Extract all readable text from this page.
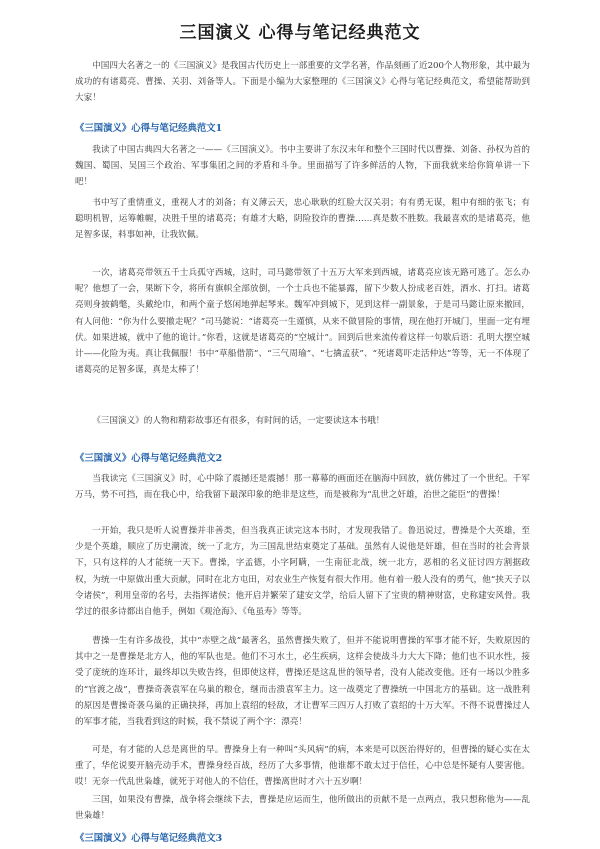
三国演义 心得与笔记经典范文

中国四大名著之一的《三国演义》是我国古代历史上一部重要的文学名著，作品刻画了近200个人物形象，其中最为成功的有诸葛亮、曹操、关羽、刘备等人。下面是小编为大家整理的《三国演义》心得与笔记经典范文，希望能帮助到大家！

《三国演义》心得与笔记经典范文1

我读了中国古典四大名著之一——《三国演义》。书中主要讲了东汉末年和整个三国时代以曹操、刘备、孙权为首的魏国、蜀国、吴国三个政治、军事集团之间的矛盾和斗争。里面描写了许多鲜活的人物，下面我就来给你简单讲一下吧！

书中写了重情重义，重视人才的刘备；有义薄云天，忠心耿耿的红脸大汉关羽；有有勇无谋，粗中有细的张飞；有聪明机智，运筹帷幄，决胜千里的诸葛亮；有雄才大略，阴险狡诈的曹操……真是数不胜数。我最喜欢的是诸葛亮，他足智多谋，料事如神，让我钦佩。

一次，诸葛亮带领五千士兵孤守西城，这时，司马懿带领了十五万大军来到西城，诸葛亮应该无路可逃了。怎么办呢？他想了一会，果断下令，将所有旗帜全部放倒，一个士兵也不能暴露，留下少数人扮成老百姓，洒水、打扫。诸葛亮则身披鹤氅，头戴纶巾，和两个童子悠闲地弹起琴来。魏军冲到城下，见到这样一副景象，于是司马懿让原来撤回，有人问他：“你为什么要撤走呢？”司马懿说：“诸葛亮一生谨慎，从来不做冒险的事情，现在他打开城门，里面一定有埋伏。如果进城，就中了他的诡计。”你看，这就是诸葛亮的“空城计”。回到后世来流传着这样一句歇后语：孔明大摆空城计——化险为夷。真让我佩服！书中“草船借箭”、“三气周瑜”、“七擒孟获”、“死诸葛吓走活仲达”等等，无一不体现了诸葛亮的足智多谋，真是太棒了！

《三国演义》的人物和精彩故事还有很多，有时间的话，一定要读这本书哦！

《三国演义》心得与笔记经典范文2

当我读完《三国演义》时，心中除了震撼还是震撼！那一幕幕的画面还在脑海中回放，就仿佛过了一个世纪。千军万马，势不可挡，而在我心中，给我留下最深印象的绝非是这些，而是被称为“乱世之奸雄，治世之能臣”的曹操！

一开始，我只是听人说曹操并非善类，但当我真正读完这本书时，才发现我错了。鲁迅说过，曹操是个大英雄，至少是个英雄，顺应了历史潮流，统一了北方，为三国乱世结束奠定了基础。虽然有人说他是奸雄，但在当时的社会背景下，只有这样的人才能统一天下。曹操，字孟德，小字阿瞒，一生南征北战，统一北方，恶相的名义征讨四方割据政权，为统一中原做出重大贡献，同时在北方屯田，对农业生产恢复有很大作用。他有着一般人没有的勇气，他“挟天子以令诸侯”，利用皇帝的名号，去指挥诸侯；他开启并繁荣了建安文学，给后人留下了宝贵的精神财富，史称建安风骨。我学过的很多诗都出自他手，例如《观沧海》、《龟虽寿》等等。

曹操一生有许多战役，其中“赤壁之战”最著名，虽然曹操失败了，但并不能说明曹操的军事才能不好，失败原因的其中之一是曹操是北方人，他的军队也是。他们不习水土，必生疾病，这样会使战斗力大大下降；他们也不识水性，接受了庞统的连环计，最终却以失败告终，但即使这样，曹操还是这乱世的领导者，没有人能改变他。还有一场以少胜多的“官渡之战”，曹操奇袭袁军在乌巢的粮仓，继而击溃袁军主力。这一战奠定了曹操统一中国北方的基础。这一战胜利的原因是曹操奇袭乌巢的正确抉择，再加上袁绍的轻敌，才让曹军三四万人打败了袁绍的十万大军。不得不说曹操过人的军事才能，当我看到这的时候，我不禁说了两个字：漂亮！

可是，有才能的人总是离世的早。曹操身上有一种叫“头风病”的病，本来是可以医治得好的，但曹操的疑心实在太重了，华佗说要开脑壳动手术，曹操身经百战，经历了大多事情，他谁都不敢太过于信任，心中总是怀疑有人要害他。哎！无奈一代乱世枭雄，就死于对他人的不信任，曹操离世时才六十五岁啊！

三国，如果没有曹操，战争将会继续下去，曹操是应运而生，他所做出的贡献不是一点两点，我只想称他为——乱世枭雄！

《三国演义》心得与笔记经典范文3
